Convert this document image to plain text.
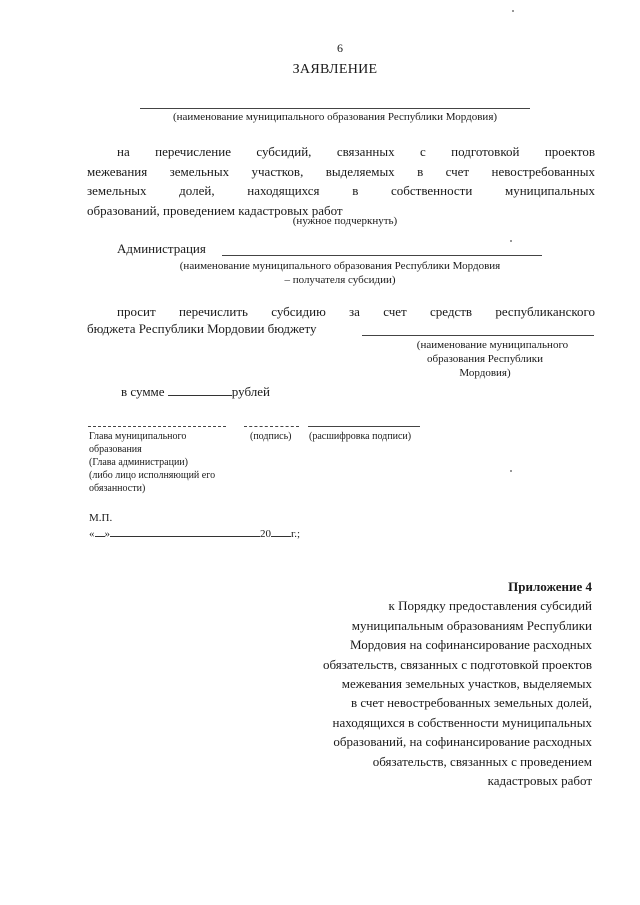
6
ЗАЯВЛЕНИЕ
(наименование муниципального образования Республики Мордовия)
на перечисление субсидий, связанных с подготовкой проектов
межевания земельных участков, выделяемых в счет невостребованных
земельных долей, находящихся в собственности муниципальных
образований, проведением кадастровых работ
(нужное подчеркнуть)
Администрация
(наименование муниципального образования Республики Мордовия
– получателя субсидии)
просит перечислить субсидию за счет средств республиканского
бюджета Республики Мордовии бюджету
(наименование муниципального
образования Республики
Мордовия)
в сумме	рублей
Глава муниципального
образования
(Глава администрации)
(либо лицо исполняющий его
обязанности)
(подпись) (расшифровка подписи)
М.П.
« »	20 г.;
Приложение 4
к Порядку предоставления субсидий
муниципальным образованиям Республики
Мордовия на софинансирование расходных
обязательств, связанных с подготовкой проектов
межевания земельных участков, выделяемых
в счет невостребованных земельных долей,
находящихся в собственности муниципальных
образований, на софинансирование расходных
обязательств, связанных с проведением
кадастровых работ
